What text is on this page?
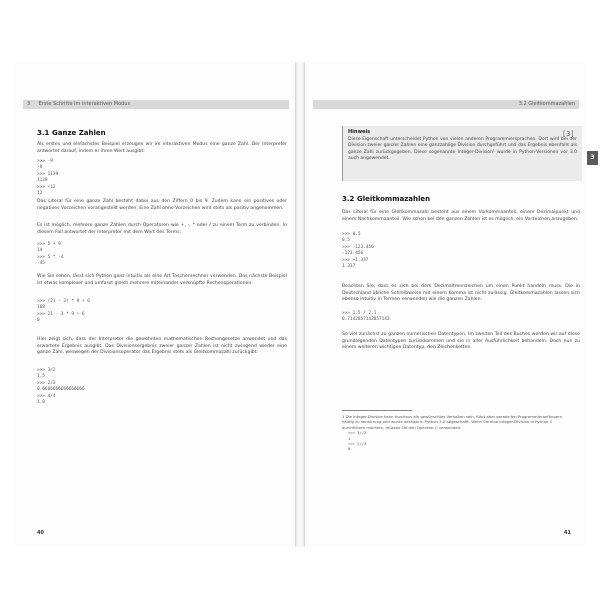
3 Erste Schritte im interaktiven Modus
3.1 Ganze Zahlen
Als erstes und einfachstes Beispiel erzeugen wir im interaktiven Modus eine ganze Zahl. Der Interpreter antwortet darauf, indem er ihren Wert ausgibt:
>>> -9
-9
>>> 1139
1139
>>> +12
12
Das Literal für eine ganze Zahl besteht dabei aus den Ziffern 0 bis 9. Zudem kann ein positives oder negatives Vorzeichen vorangestellt werden. Eine Zahl ohne Vorzeichen wird stets als positiv angenommen.
Es ist möglich, mehrere ganze Zahlen durch Operatoren wie +, -, * oder / zu einem Term zu verbinden. In diesem Fall antwortet der Interpreter mit dem Wert des Terms:
>>> 5 + 9
14
>>> 5 * -4
-45
Wie Sie sehen, lässt sich Python ganz intuitiv als eine Art Taschenrechner verwenden. Das nächste Beispiel ist etwas komplexer und umfasst gleich mehrere miteinander verknüpfte Rechenoperationen:
>>> (21 - 3) * 9 + 6
168
>>> 21 - 3 * 9 + 6
0
Hier zeigt sich, dass der Interpreter die gewohnten mathematischen Rechengesetze anwendet und das erwartete Ergebnis ausgibt. Das Divisionsergebnis zweier ganzer Zahlen ist nicht zwingend wieder eine ganze Zahl, weswegen der Divisionsoperator das Ergebnis stets als Gleitkommazahl zurückgibt:
>>> 3/2
1.5
>>> 2/3
0.6666666666666666
>>> 4/4
1.0
40
3.2 Gleitkommazahlen
Hinweis
Diese Eigenschaft unterscheidet Python von vielen anderen Programmiersprachen. Dort wird bei der Division zweier ganzer Zahlen eine ganzzahlige Division durchgeführt und das Ergebnis ebenfalls als ganze Zahl zurückgegeben. Diese sogenannte Integer-Division¹ wurde in Python-Versionen vor 3.0 auch angewendet.
[3]
3.2 Gleitkommazahlen
Das Literal für eine Gleitkommazahl besteht aus einem Vorkommaanteil, einem Dezimalpunkt und einem Nachkommaanteil. Wie schon bei den ganzen Zahlen ist es möglich, ein Vorzeichen anzugeben:
>>> 0.5
0.5
>>> -123.456
-123.456
>>> +1.337
1.337
Beachten Sie, dass es sich bei dem Dezimaltrennzeichen um einen Punkt handeln muss. Die in Deutschland übliche Schreibweise mit einem Komma ist nicht zulässig. Gleitkommazahlen lassen sich ebenso intuitiv in Termen verwenden wie die ganzen Zahlen:
>>> 1.5 / 2.1
0.7142857142857143
So viel zunächst zu ganzen numerischen Datentypen. Im zweiten Teil des Buches werden wir auf diese grundlegenden Datentypen zurückkommen und sie in aller Ausführlichkeit behandeln. Doch nun zu einem weiteren wichtigen Datentyp, den Zeichenketten.
1 Die Integer-Division kann durchaus ein gewünschtes Verhalten sein, führt aber gerade bei Programmieranfängern häufig zu Verwirrung und wurde deshalb in Python 3.0 abgeschafft. Wenn Sie eine Integer-Division in Python 3 durchführen möchten, müssen Sie den Operator // verwenden:
>>> 3//2
1
>>> 2//3
0
41
3
